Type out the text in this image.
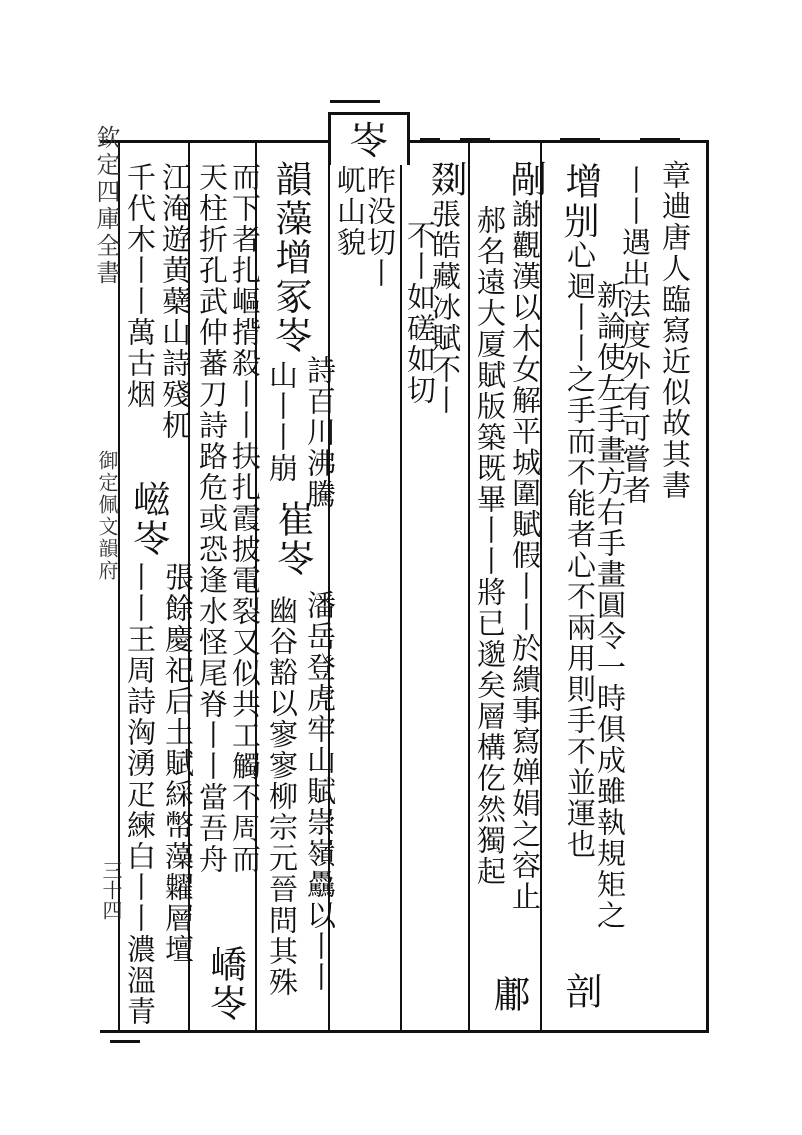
岺
欽定四庫全書
御定佩文韻府
三十四
章䢗唐人臨寫近似故其書
丨丨遇出法度外有可嘗者
增𠛕心迴丨丨之手而不能者心不兩用則手不並運也
新論使左手畫方右手畫圓令一時俱成雖執規矩之
剮謝觀漢以木女解平城圍賦假丨丨於繢事寫婵娟之容止
郝名遠大厦賦版築既畢丨丨將已邈矣層構仡然獨起
剟張皓藏冰賦不丨
不丨如磋如切
昨没切丨
屼山貌
韻藻增冢岺
詩百川沸騰
山丨丨崩
崔岺
潘岳登虎牢山賦崇嶺驫以丨丨
幽谷豁以寥寥柳宗元晉問其殊
而下者扎嶇揹殺丨丨抉扎霞披電裂又似共工觸不周而
天柱折孔武仲蕃刀詩路危或恐逢水怪尾脊丨丨當吾舟
嶠岺
江淹遊黄蘗山詩殘杌
嵫岺
張餘慶祀后土賦綵幣藻糶層壇
千代木丨丨萬古烟
丨丨王周詩洶湧疋練白丨丨濃溫青	剖
鄘
